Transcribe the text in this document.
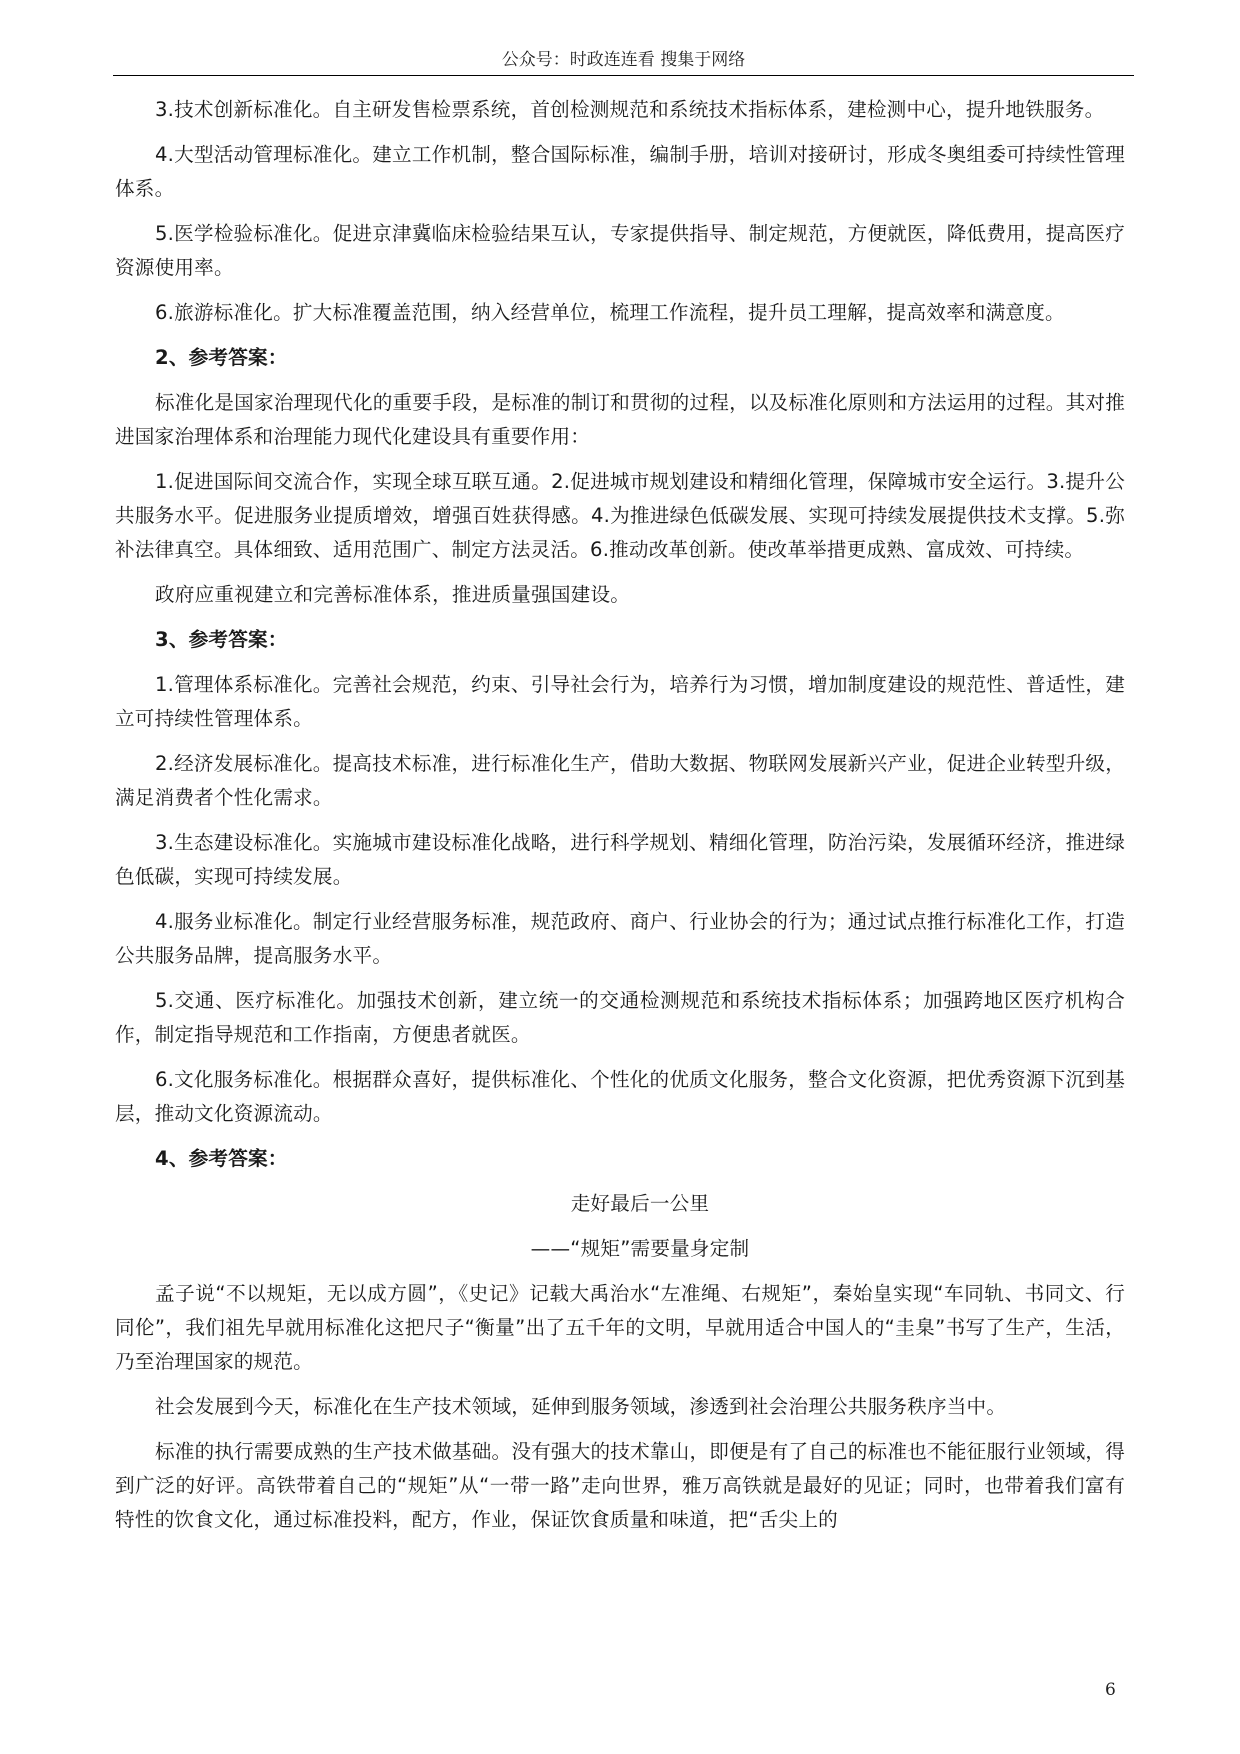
公众号：时政连连看 搜集于网络

3.技术创新标准化。自主研发售检票系统，首创检测规范和系统技术指标体系，建检测中心，提升地铁服务。

4.大型活动管理标准化。建立工作机制，整合国际标准，编制手册，培训对接研讨，形成冬奥组委可持续性管理体系。

5.医学检验标准化。促进京津冀临床检验结果互认，专家提供指导、制定规范，方便就医，降低费用，提高医疗资源使用率。

6.旅游标准化。扩大标准覆盖范围，纳入经营单位，梳理工作流程，提升员工理解，提高效率和满意度。

2、参考答案：

标准化是国家治理现代化的重要手段，是标准的制订和贯彻的过程，以及标准化原则和方法运用的过程。其对推进国家治理体系和治理能力现代化建设具有重要作用：

1.促进国际间交流合作，实现全球互联互通。2.促进城市规划建设和精细化管理，保障城市安全运行。3.提升公共服务水平。促进服务业提质增效，增强百姓获得感。4.为推进绿色低碳发展、实现可持续发展提供技术支撑。5.弥补法律真空。具体细致、适用范围广、制定方法灵活。6.推动改革创新。使改革举措更成熟、富成效、可持续。

政府应重视建立和完善标准体系，推进质量强国建设。

3、参考答案：

1.管理体系标准化。完善社会规范，约束、引导社会行为，培养行为习惯，增加制度建设的规范性、普适性，建立可持续性管理体系。

2.经济发展标准化。提高技术标准，进行标准化生产，借助大数据、物联网发展新兴产业，促进企业转型升级，满足消费者个性化需求。

3.生态建设标准化。实施城市建设标准化战略，进行科学规划、精细化管理，防治污染，发展循环经济，推进绿色低碳，实现可持续发展。

4.服务业标准化。制定行业经营服务标准，规范政府、商户、行业协会的行为；通过试点推行标准化工作，打造公共服务品牌，提高服务水平。

5.交通、医疗标准化。加强技术创新，建立统一的交通检测规范和系统技术指标体系；加强跨地区医疗机构合作，制定指导规范和工作指南，方便患者就医。

6.文化服务标准化。根据群众喜好，提供标准化、个性化的优质文化服务，整合文化资源，把优秀资源下沉到基层，推动文化资源流动。

4、参考答案：

走好最后一公里

——“规矩”需要量身定制

孟子说“不以规矩，无以成方圆”，《史记》记载大禹治水“左准绳、右规矩”，秦始皇实现“车同轨、书同文、行同伦”，我们祖先早就用标准化这把尺子“衡量”出了五千年的文明，早就用适合中国人的“圭臬”书写了生产，生活，乃至治理国家的规范。

社会发展到今天，标准化在生产技术领域，延伸到服务领域，渗透到社会治理公共服务秩序当中。

标准的执行需要成熟的生产技术做基础。没有强大的技术靠山，即便是有了自己的标准也不能征服行业领域，得到广泛的好评。高铁带着自己的“规矩”从“一带一路”走向世界，雅万高铁就是最好的见证；同时，也带着我们富有特性的饮食文化，通过标准投料，配方，作业，保证饮食质量和味道，把“舌尖上的

6
